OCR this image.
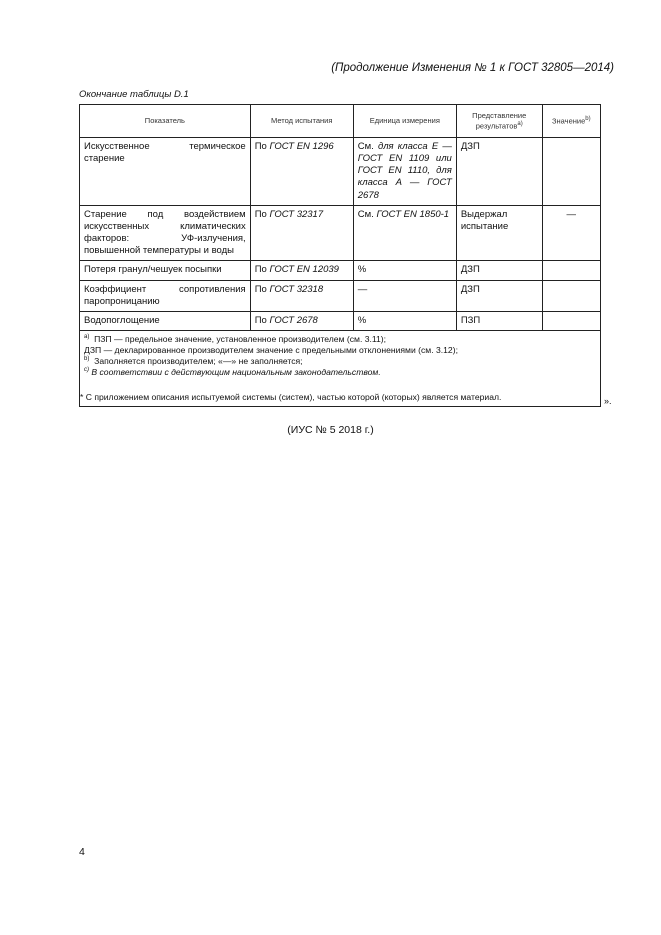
(Продолжение Изменения № 1 к ГОСТ 32805—2014)
Окончание таблицы D.1
Показатель	Метод испытания	Единица измерения	Представление результатов$^{a)}$	Значение$^{b)}$
Искусственное термическое старение	По ГОСТ EN 1296	См. для класса Е — ГОСТ EN 1109 или ГОСТ EN 1110, для класса А — ГОСТ 2678	ДЗП	
Старение под воздействием искусственных климатических факторов: УФ-излучения, повышенной температуры и воды	По ГОСТ 32317	См. ГОСТ EN 1850-1	Выдержал испытание	—
Потеря гранул/чешуек посыпки	По ГОСТ EN 12039	%	ДЗП	
Коэффициент сопротивления паропроницанию	По ГОСТ 32318	—	ДЗП	
Водопоглощение	По ГОСТ 2678	%	ПЗП	

$^{a)}$ ПЗП — предельное значение, установленное производителем (см. 3.11);
ДЗП — декларированное производителем значение с предельными отклонениями (см. 3.12);
$^{b)}$ Заполняется производителем; «—» не заполняется;
$^{c)}$ В соответствии с действующим национальным законодательством.
* С приложением описания испытуемой системы (систем), частью которой (которых) является материал.					».
(ИУС № 5 2018 г.)
4
